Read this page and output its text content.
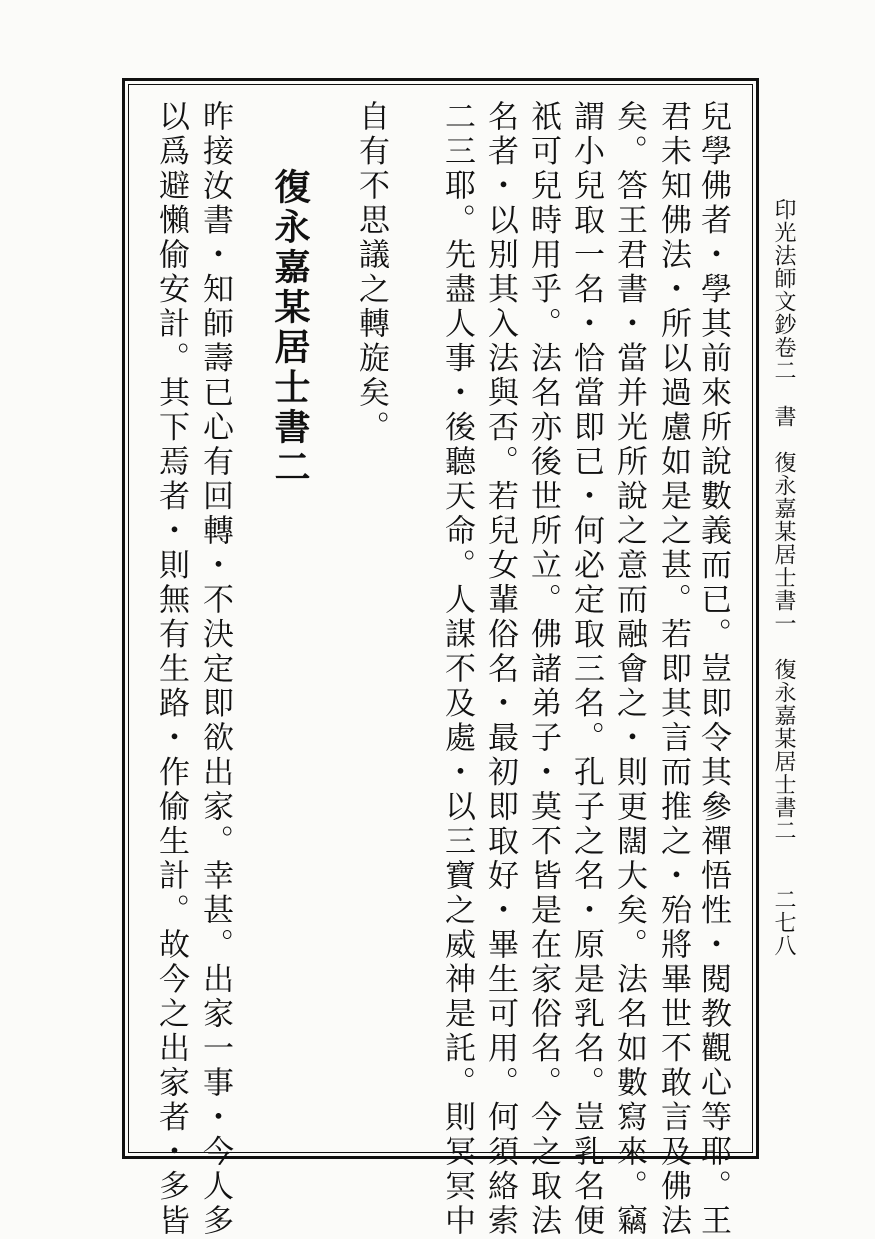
兒學佛者・學其前來所說數義而已。豈即令其參禪悟性・閱教觀心等耶。王
君未知佛法・所以過慮如是之甚。若即其言而推之・殆將畢世不敢言及佛法
矣。答王君書・當并光所說之意而融會之・則更闊大矣。法名如數寫來。竊
謂小兒取一名・恰當即已・何必定取三名。孔子之名・原是乳名。豈乳名便
祇可兒時用乎。法名亦後世所立。佛諸弟子・莫不皆是在家俗名。今之取法
名者・以別其入法與否。若兒女輩俗名・最初即取好・畢生可用。何須絡索
二三耶。先盡人事・後聽天命。人謀不及處・以三寶之威神是託。則冥冥中
自有不思議之轉旋矣。
復永嘉某居士書二
昨接汝書・知師壽已心有回轉・不決定即欲出家。幸甚。出家一事・今人多
以爲避懶偷安計。其下焉者・則無有生路・作偷生計。故今之出家者・多皆	印光法師文鈔卷二　書　復永嘉某居士書一　復永嘉某居士書二
二七八
